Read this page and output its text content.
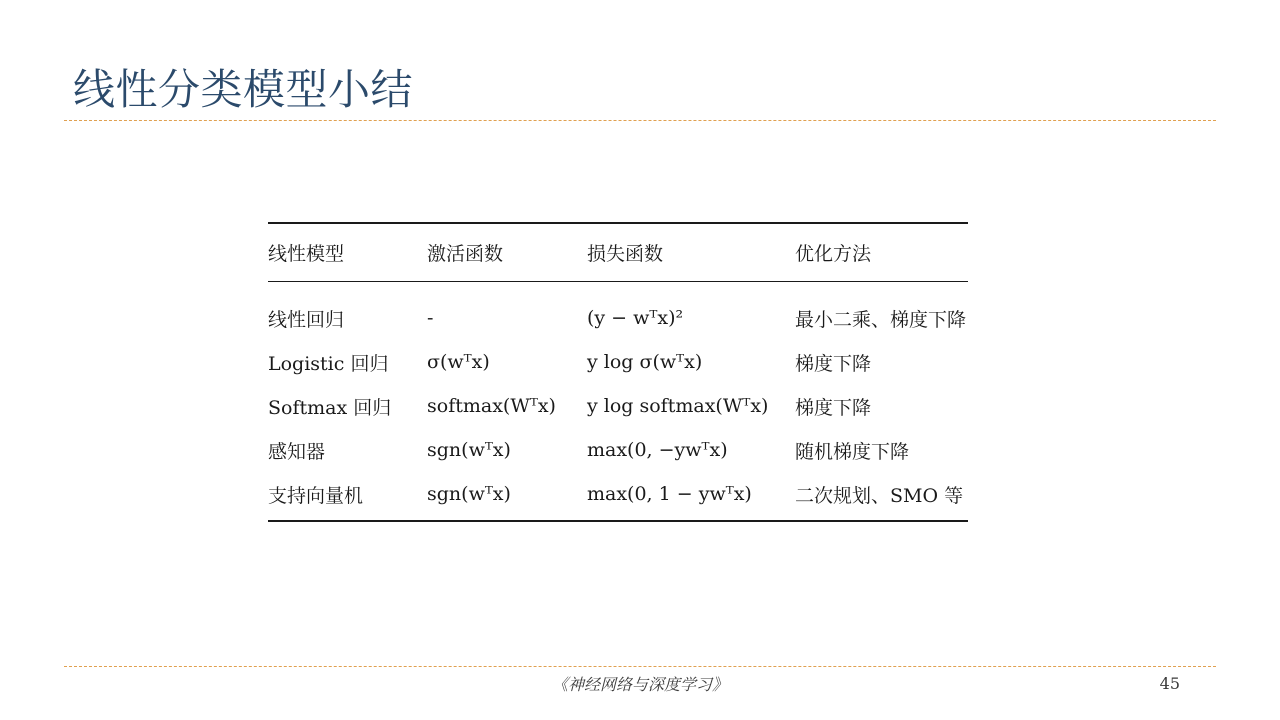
线性分类模型小结
线性模型	激活函数	损失函数	优化方法
线性回归	-	(y − wᵀx)²	最小二乘、梯度下降
Logistic 回归	σ(wᵀx)	y log σ(wᵀx)	梯度下降
Softmax 回归	softmax(Wᵀx)	y log softmax(Wᵀx)	梯度下降
感知器	sgn(wᵀx)	max(0, −ywᵀx)	随机梯度下降
支持向量机	sgn(wᵀx)	max(0, 1 − ywᵀx)	二次规划、SMO 等
《神经网络与深度学习》	45
